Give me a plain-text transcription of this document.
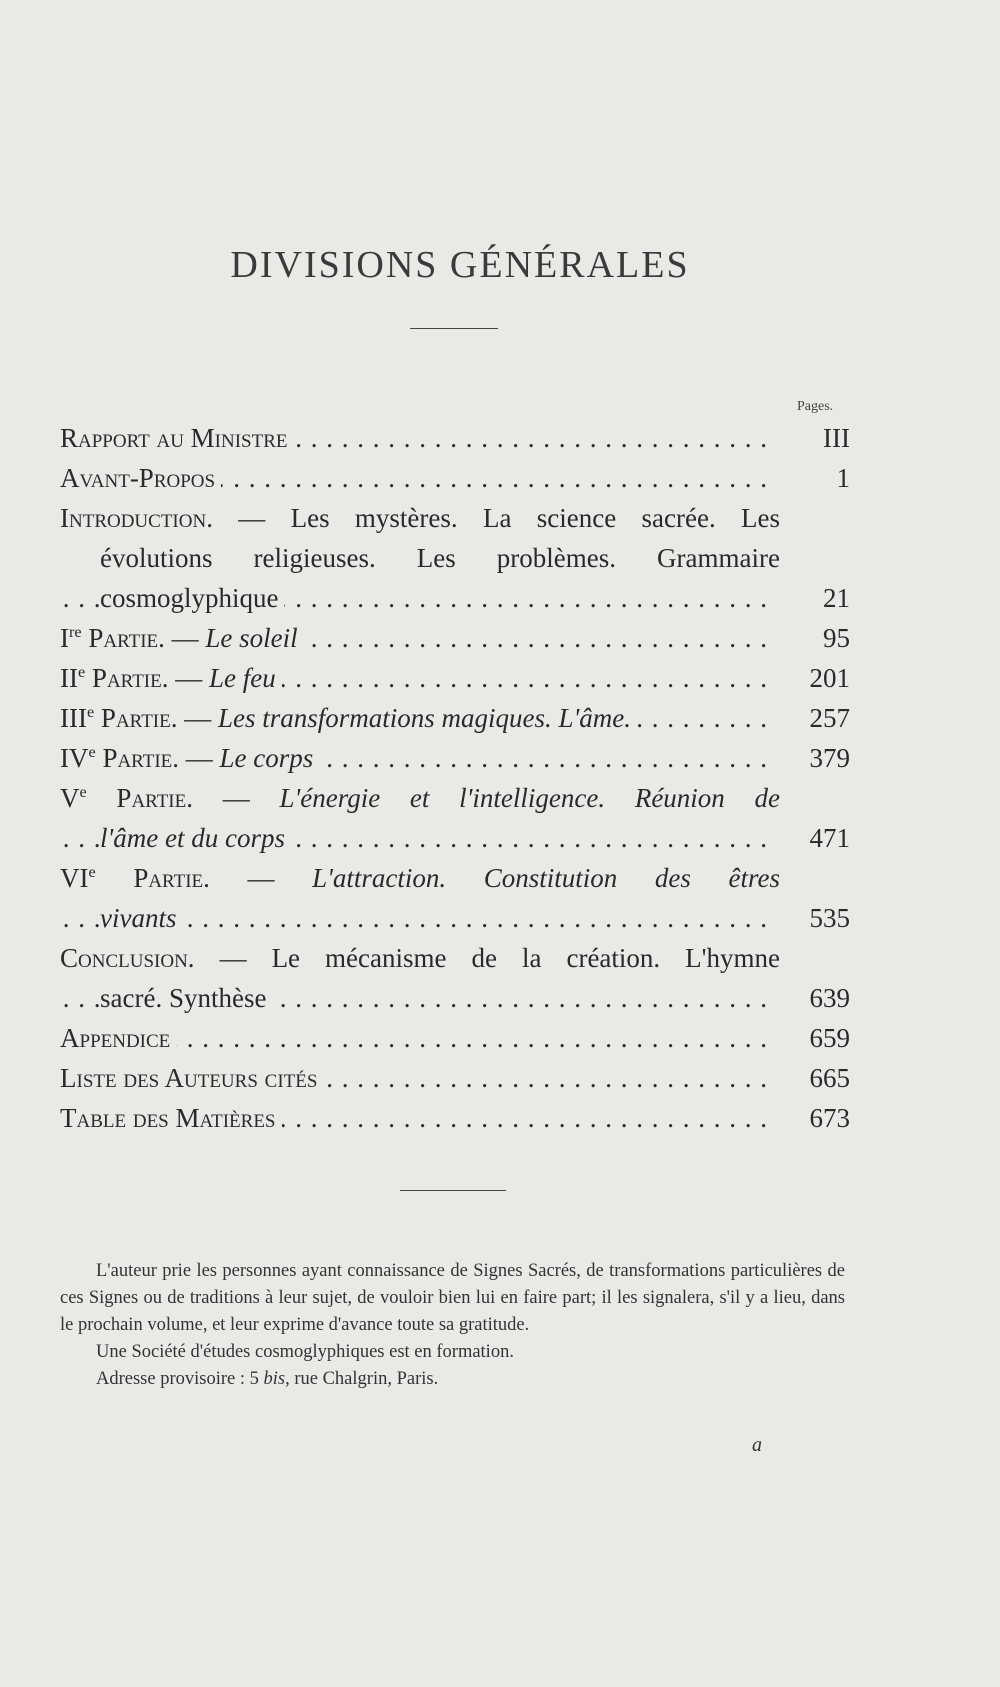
DIVISIONS GÉNÉRALES
Pages.
. . . Rapport au Ministre	III
. . . Avant-Propos	1
Introduction. — Les mystères. La science sacrée. Les
évolutions religieuses. Les problèmes. Grammaire
. . . cosmoglyphique	21
. . . Ire Partie. — Le soleil	95
. . . IIe Partie. — Le feu	201
. . . IIIe Partie. — Les transformations magiques. L'âme.	257
. . . IVe Partie. — Le corps	379
Ve Partie. — L'énergie et l'intelligence. Réunion de
. . . l'âme et du corps	471
VIe Partie. — L'attraction. Constitution des êtres
. . . vivants	535
Conclusion. — Le mécanisme de la création. L'hymne
. . . sacré. Synthèse	639
. . . Appendice	659
. . . Liste des Auteurs cités	665
. . . Table des Matières	673

L'auteur prie les personnes ayant connaissance de Signes Sacrés, de transformations particulières de ces Signes ou de traditions à leur sujet, de vouloir bien lui en faire part; il les signalera, s'il y a lieu, dans le prochain volume, et leur exprime d'avance toute sa gratitude.

Une Société d'études cosmoglyphiques est en formation.

Adresse provisoire : 5 bis, rue Chalgrin, Paris.

a
